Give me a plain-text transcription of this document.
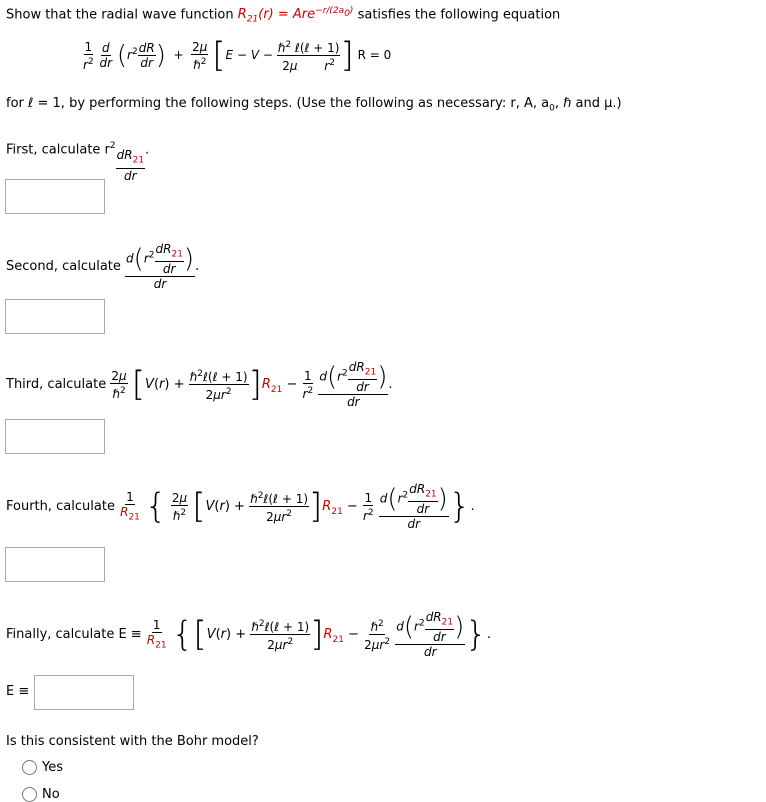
Show that the radial wave function $R_{21}(r) = Are^{-r/(2a_0)}$ satisfies the following equation
$\frac{1}{r^2}$
$\frac{d}{dr} (r^2 \frac{dR}{dr}$ )  + $\frac{2\mu}{\hbar^2} [E - V - \frac{\hbar^2 \ell(\ell + 1)}{2\mu r^2}$ ] R = 0
for ℓ = 1, by performing the following steps. (Use the following as necessary: r, A, $a_0$, ℏ and μ.)
First, calculate $r^2$
$\frac{dR_{21}}{dr}$ .
Second, calculate $\frac{d(r^2 \frac{dR_{21}}{dr} )}{dr}$ .
Third, calculate $\frac{2\mu}{\hbar^2} [V(r) + \frac{\hbar^2\ell(\ell + 1)}{2\mu r^2} ]R_{21} - \frac{1}{r^2}$
$\frac{d(r^2 \frac{dR_{21}}{dr} )}{dr}$ .
Fourth, calculate $\frac{1}{R_{21}}$ { $\frac{2\mu}{\hbar^2} [V(r) + \frac{\hbar^2\ell(\ell + 1)}{2\mu r^2} ]R_{21} - \frac{1}{r^2}$
$\frac{d(r^2 \frac{dR_{21}}{dr} )}{dr}$ }.
Finally, calculate $E \equiv \frac{1}{R_{21}} \{[V(r) + \frac{\hbar^2\ell(\ell + 1)}{2\mu r^2} ]R_{21} - \frac{\hbar^2}{2\mu r^2}$
$\frac{d(r^2 \frac{dR_{21}}{dr} )}{dr}$ }.
E ≡
Is this consistent with the Bohr model?
Yes
No
